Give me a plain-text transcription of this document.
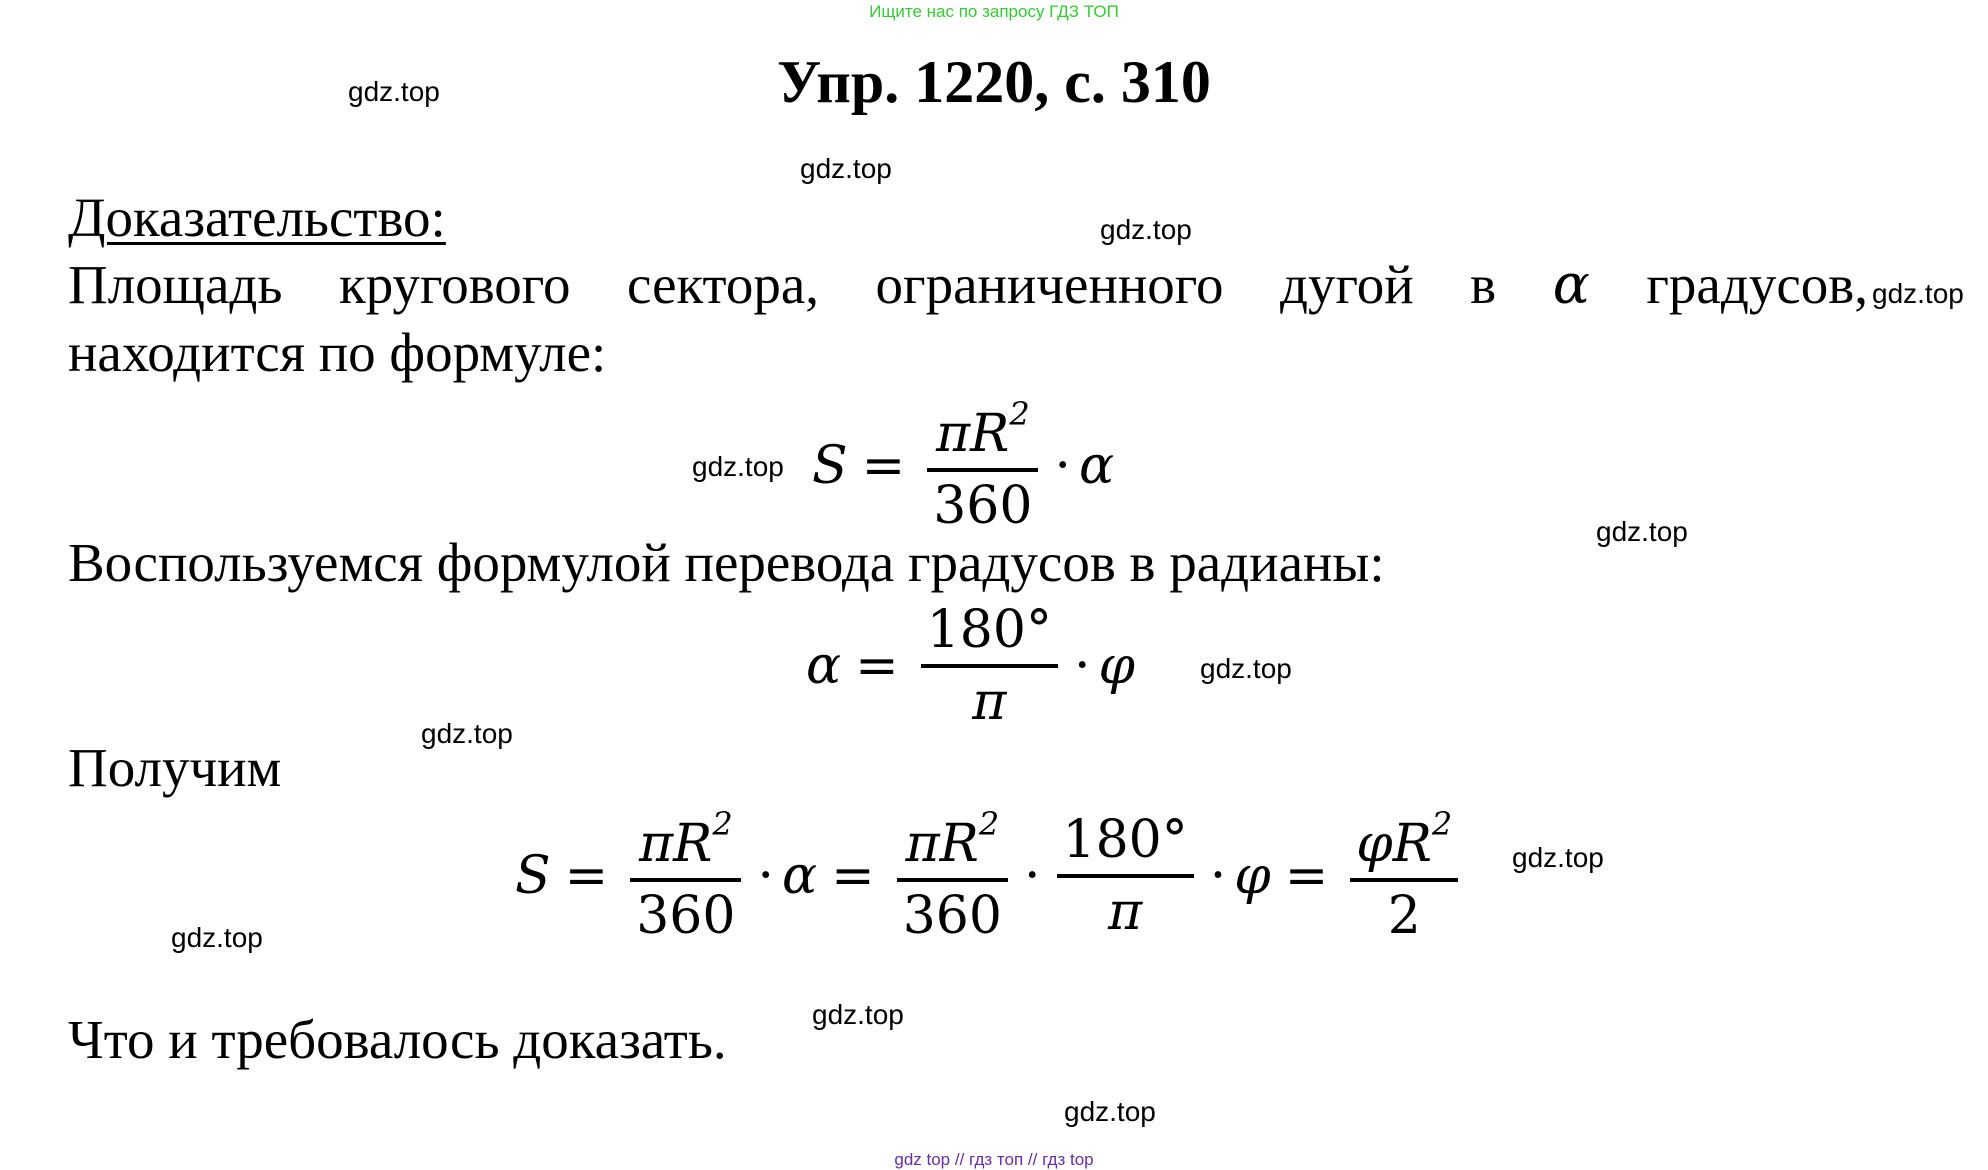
Ищите нас по запросу ГДЗ ТОП
Упр. 1220, с. 310
Доказательство:
Площадь кругового сектора, ограниченного дугой в α градусов,
находится по формуле:
$S = \frac{\pi R^2}{360} \cdot \alpha$
Воспользуемся формулой перевода градусов в радианы:
$\alpha = \frac{180^\circ}{\pi} \cdot \varphi$
Получим
$S = \frac{\pi R^2}{360} \cdot \alpha = \frac{\pi R^2}{360} \cdot \frac{180^\circ}{\pi} \cdot \varphi = \frac{\varphi R^2}{2}$
Что и требовалось доказать.
gdz.top
gdz.top
gdz.top
gdz.top
gdz.top
gdz.top
gdz.top
gdz.top
gdz.top
gdz.top
gdz.top
gdz.top
gdz top // гдз топ // гдз top
